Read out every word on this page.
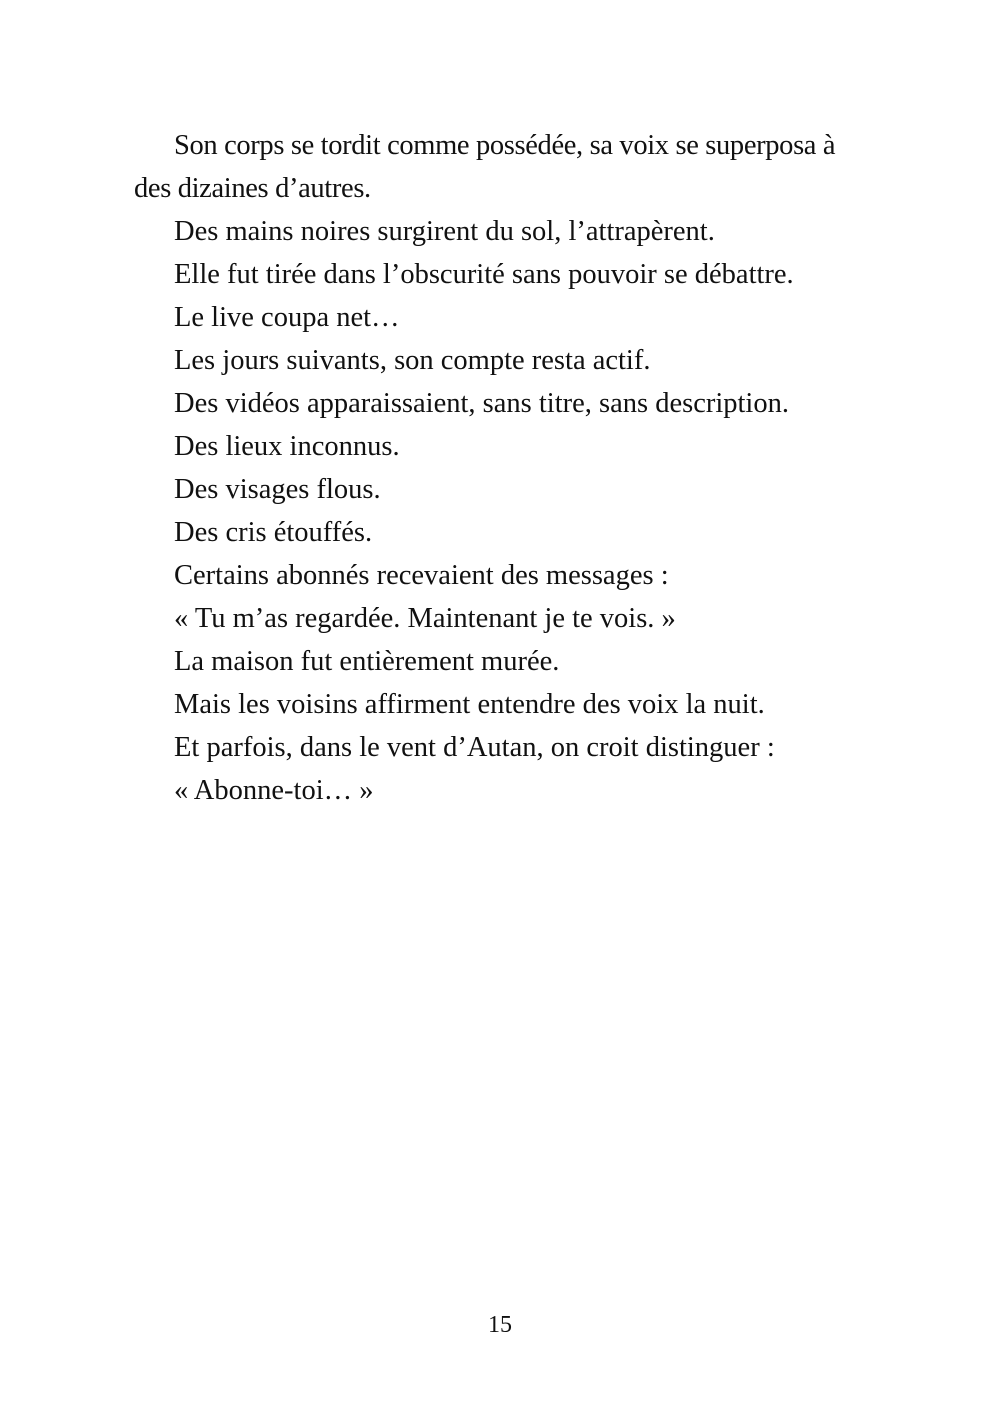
Son corps se tordit comme possédée, sa voix se superposa à des dizaines d’autres.

Des mains noires surgirent du sol, l’attrapèrent.

Elle fut tirée dans l’obscurité sans pouvoir se débattre.

Le live coupa net…

Les jours suivants, son compte resta actif.

Des vidéos apparaissaient, sans titre, sans description.

Des lieux inconnus.

Des visages flous.

Des cris étouffés.

Certains abonnés recevaient des messages :

« Tu m’as regardée. Maintenant je te vois. »

La maison fut entièrement murée.

Mais les voisins affirment entendre des voix la nuit.

Et parfois, dans le vent d’Autan, on croit distinguer :

« Abonne-toi… »

15
